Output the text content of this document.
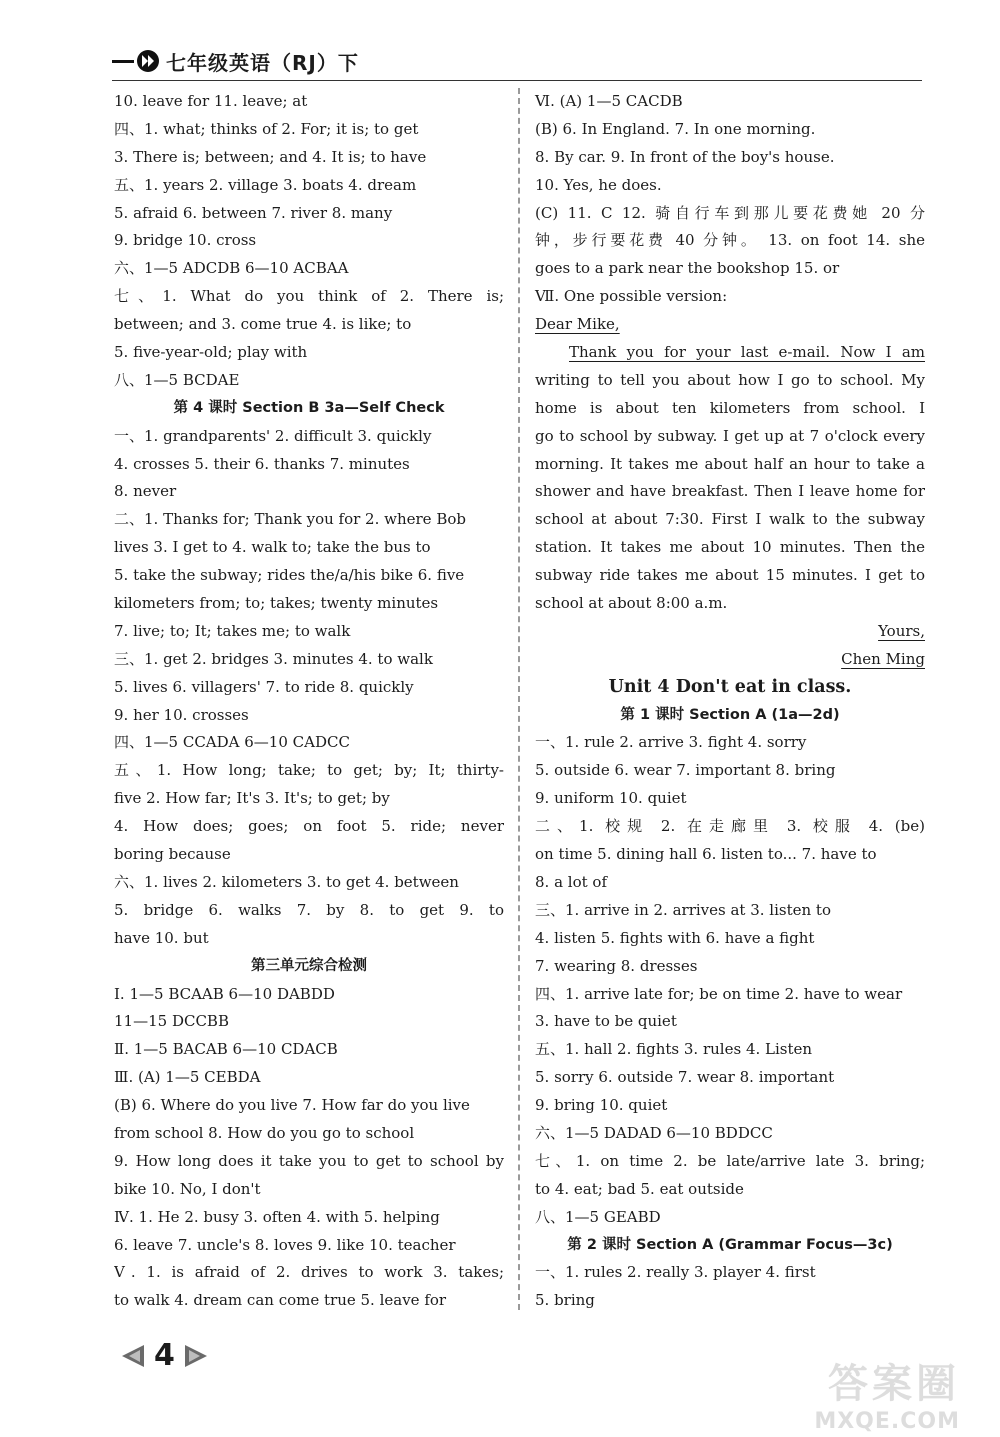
七年级英语（RJ）下
10. leave for 11. leave; at
四、1. what; thinks of 2. For; it is; to get
3. There is; between; and 4. It is; to have
五、1. years 2. village 3. boats 4. dream
5. afraid 6. between 7. river 8. many
9. bridge 10. cross
六、1—5 ADCDB 6—10 ACBAA
七、1. What do you think of 2. There is;
between; and 3. come true 4. is like; to
5. five-year-old; play with
八、1—5 BCDAE
第 4 课时 Section B 3a—Self Check
一、1. grandparents' 2. difficult 3. quickly
4. crosses 5. their 6. thanks 7. minutes
8. never
二、1. Thanks for; Thank you for 2. where Bob
lives 3. I get to 4. walk to; take the bus to
5. take the subway; rides the/a/his bike 6. five
kilometers from; to; takes; twenty minutes
7. live; to; It; takes me; to walk
三、1. get 2. bridges 3. minutes 4. to walk
5. lives 6. villagers' 7. to ride 8. quickly
9. her 10. crosses
四、1—5 CCADA 6—10 CADCC
五、1. How long; take; to get; by; It; thirty-
five 2. How far; It's 3. It's; to get; by
4. How does; goes; on foot 5. ride; never
boring because
六、1. lives 2. kilometers 3. to get 4. between
5. bridge 6. walks 7. by 8. to get 9. to
have 10. but
第三单元综合检测
Ⅰ. 1—5 BCAAB 6—10 DABDD
11—15 DCCBB
Ⅱ. 1—5 BACAB 6—10 CDACB
Ⅲ. (A) 1—5 CEBDA
(B) 6. Where do you live 7. How far do you live
from school 8. How do you go to school
9. How long does it take you to get to school by
bike 10. No, I don't
Ⅳ. 1. He 2. busy 3. often 4. with 5. helping
6. leave 7. uncle's 8. loves 9. like 10. teacher
Ⅴ. 1. is afraid of 2. drives to work 3. takes;
to walk 4. dream can come true 5. leave for
Ⅵ. (A) 1—5 CACDB
(B) 6. In England. 7. In one morning.
8. By car. 9. In front of the boy's house.
10. Yes, he does.
(C) 11. C 12. 骑自行车到那儿要花费她 20 分
钟，步行要花费 40 分钟。 13. on foot 14. she
goes to a park near the bookshop 15. or
Ⅶ. One possible version:
Dear Mike,
Thank you for your last e-mail. Now I am
writing to tell you about how I go to school. My
home is about ten kilometers from school. I
go to school by subway. I get up at 7 o'clock every
morning. It takes me about half an hour to take a
shower and have breakfast. Then I leave home for
school at about 7:30. First I walk to the subway
station. It takes me about 10 minutes. Then the
subway ride takes me about 15 minutes. I get to
school at about 8:00 a.m.
Yours,
Chen Ming
Unit 4 Don't eat in class.
第 1 课时 Section A (1a—2d)
一、1. rule 2. arrive 3. fight 4. sorry
5. outside 6. wear 7. important 8. bring
9. uniform 10. quiet
二、1. 校规 2. 在走廊里 3. 校服 4. (be)
on time 5. dining hall 6. listen to... 7. have to
8. a lot of
三、1. arrive in 2. arrives at 3. listen to
4. listen 5. fights with 6. have a fight
7. wearing 8. dresses
四、1. arrive late for; be on time 2. have to wear
3. have to be quiet
五、1. hall 2. fights 3. rules 4. Listen
5. sorry 6. outside 7. wear 8. important
9. bring 10. quiet
六、1—5 DADAD 6—10 BDDCC
七、1. on time 2. be late/arrive late 3. bring;
to 4. eat; bad 5. eat outside
八、1—5 GEABD
第 2 课时 Section A (Grammar Focus—3c)
一、1. rules 2. really 3. player 4. first
5. bring
4
答案圈
MXQE.COM
